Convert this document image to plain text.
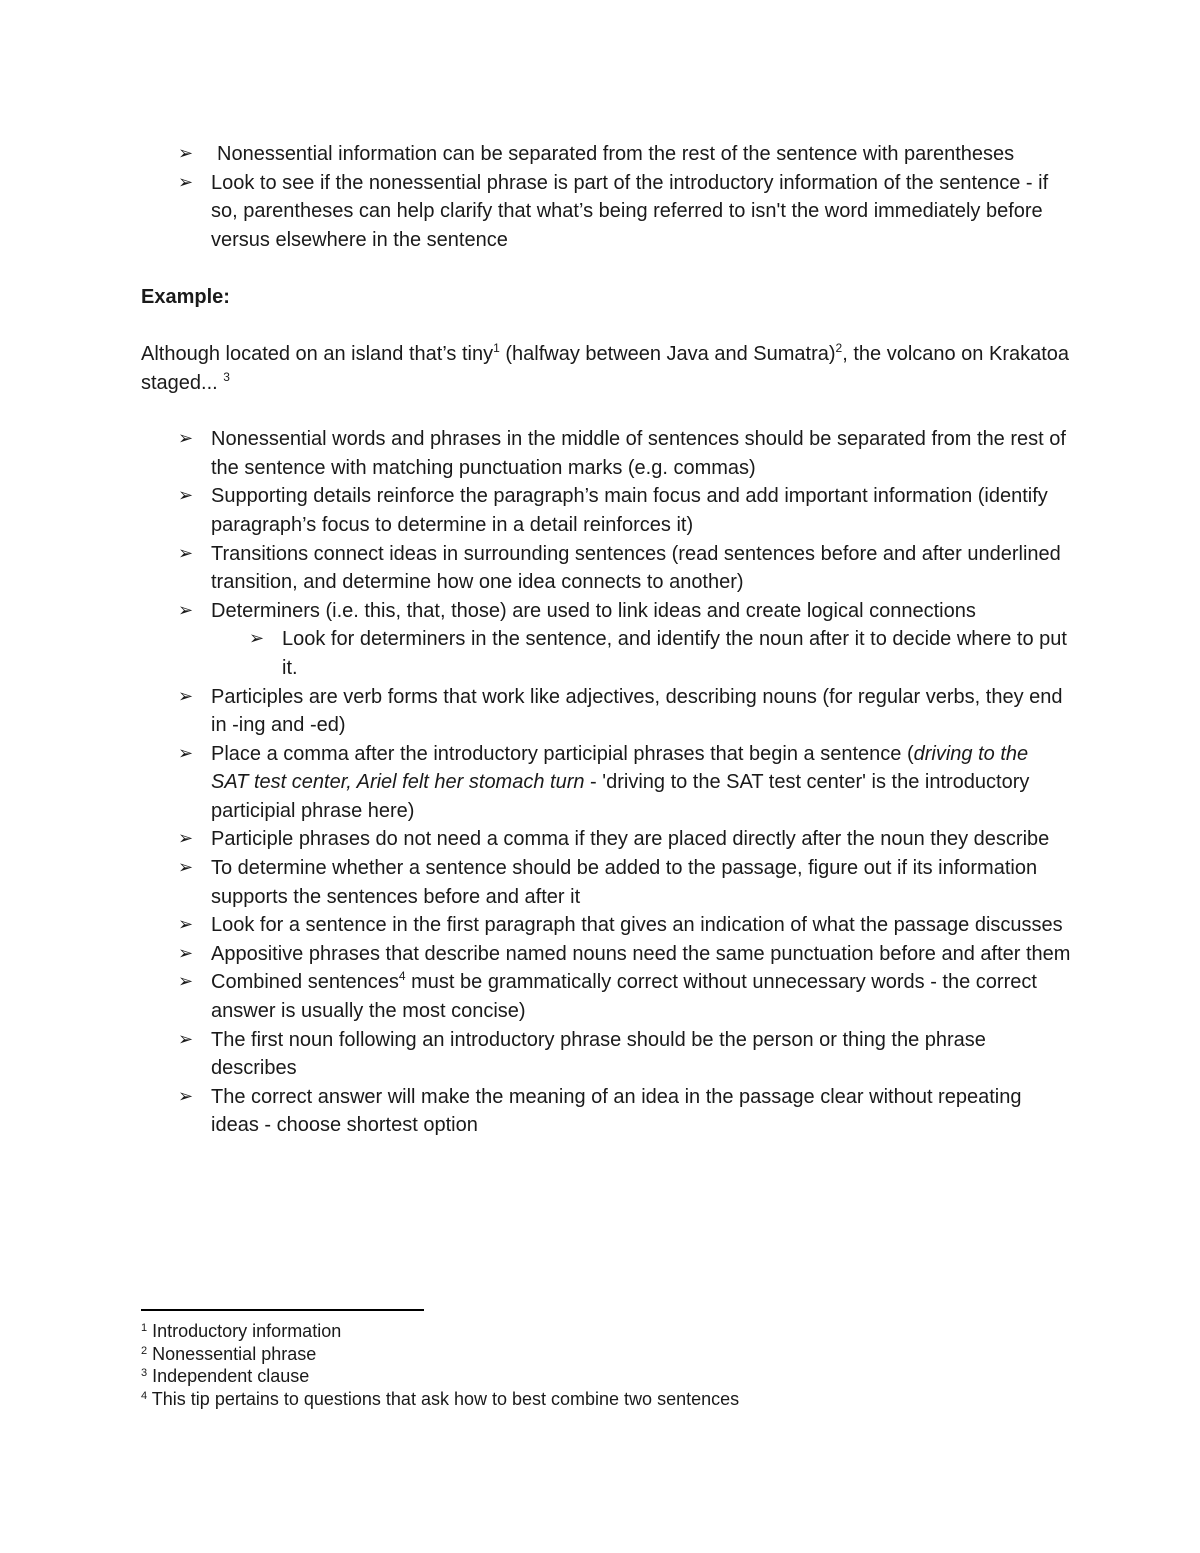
➢ Nonessential information can be separated from the rest of the sentence with parentheses
➢ Look to see if the nonessential phrase is part of the introductory information of the sentence - if so, parentheses can help clarify that what’s being referred to isn't the word immediately before versus elsewhere in the sentence
Example:

Although located on an island that’s tiny$^1$ (halfway between Java and Sumatra)$^2$, the volcano on Krakatoa staged... $^3$

➢ Nonessential words and phrases in the middle of sentences should be separated from the rest of the sentence with matching punctuation marks (e.g. commas)
➢ Supporting details reinforce the paragraph’s main focus and add important information (identify paragraph’s focus to determine in a detail reinforces it)
➢ Transitions connect ideas in surrounding sentences (read sentences before and after underlined transition, and determine how one idea connects to another)
➢ Determiners (i.e. this, that, those) are used to link ideas and create logical connections
➢ Look for determiners in the sentence, and identify the noun after it to decide where to put it.
➢ Participles are verb forms that work like adjectives, describing nouns (for regular verbs, they end in -ing and -ed)
➢ Place a comma after the introductory participial phrases that begin a sentence (driving to the SAT test center, Ariel felt her stomach turn - 'driving to the SAT test center' is the introductory participial phrase here)
➢ Participle phrases do not need a comma if they are placed directly after the noun they describe
➢ To determine whether a sentence should be added to the passage, figure out if its information supports the sentences before and after it
➢ Look for a sentence in the first paragraph that gives an indication of what the passage discusses
➢ Appositive phrases that describe named nouns need the same punctuation before and after them
➢ Combined sentences$^4$ must be grammatically correct without unnecessary words - the correct answer is usually the most concise)
➢ The first noun following an introductory phrase should be the person or thing the phrase describes
➢ The correct answer will make the meaning of an idea in the passage clear without repeating ideas - choose shortest option
$^1$ Introductory information
$^2$ Nonessential phrase
$^3$ Independent clause
$^4$ This tip pertains to questions that ask how to best combine two sentences
